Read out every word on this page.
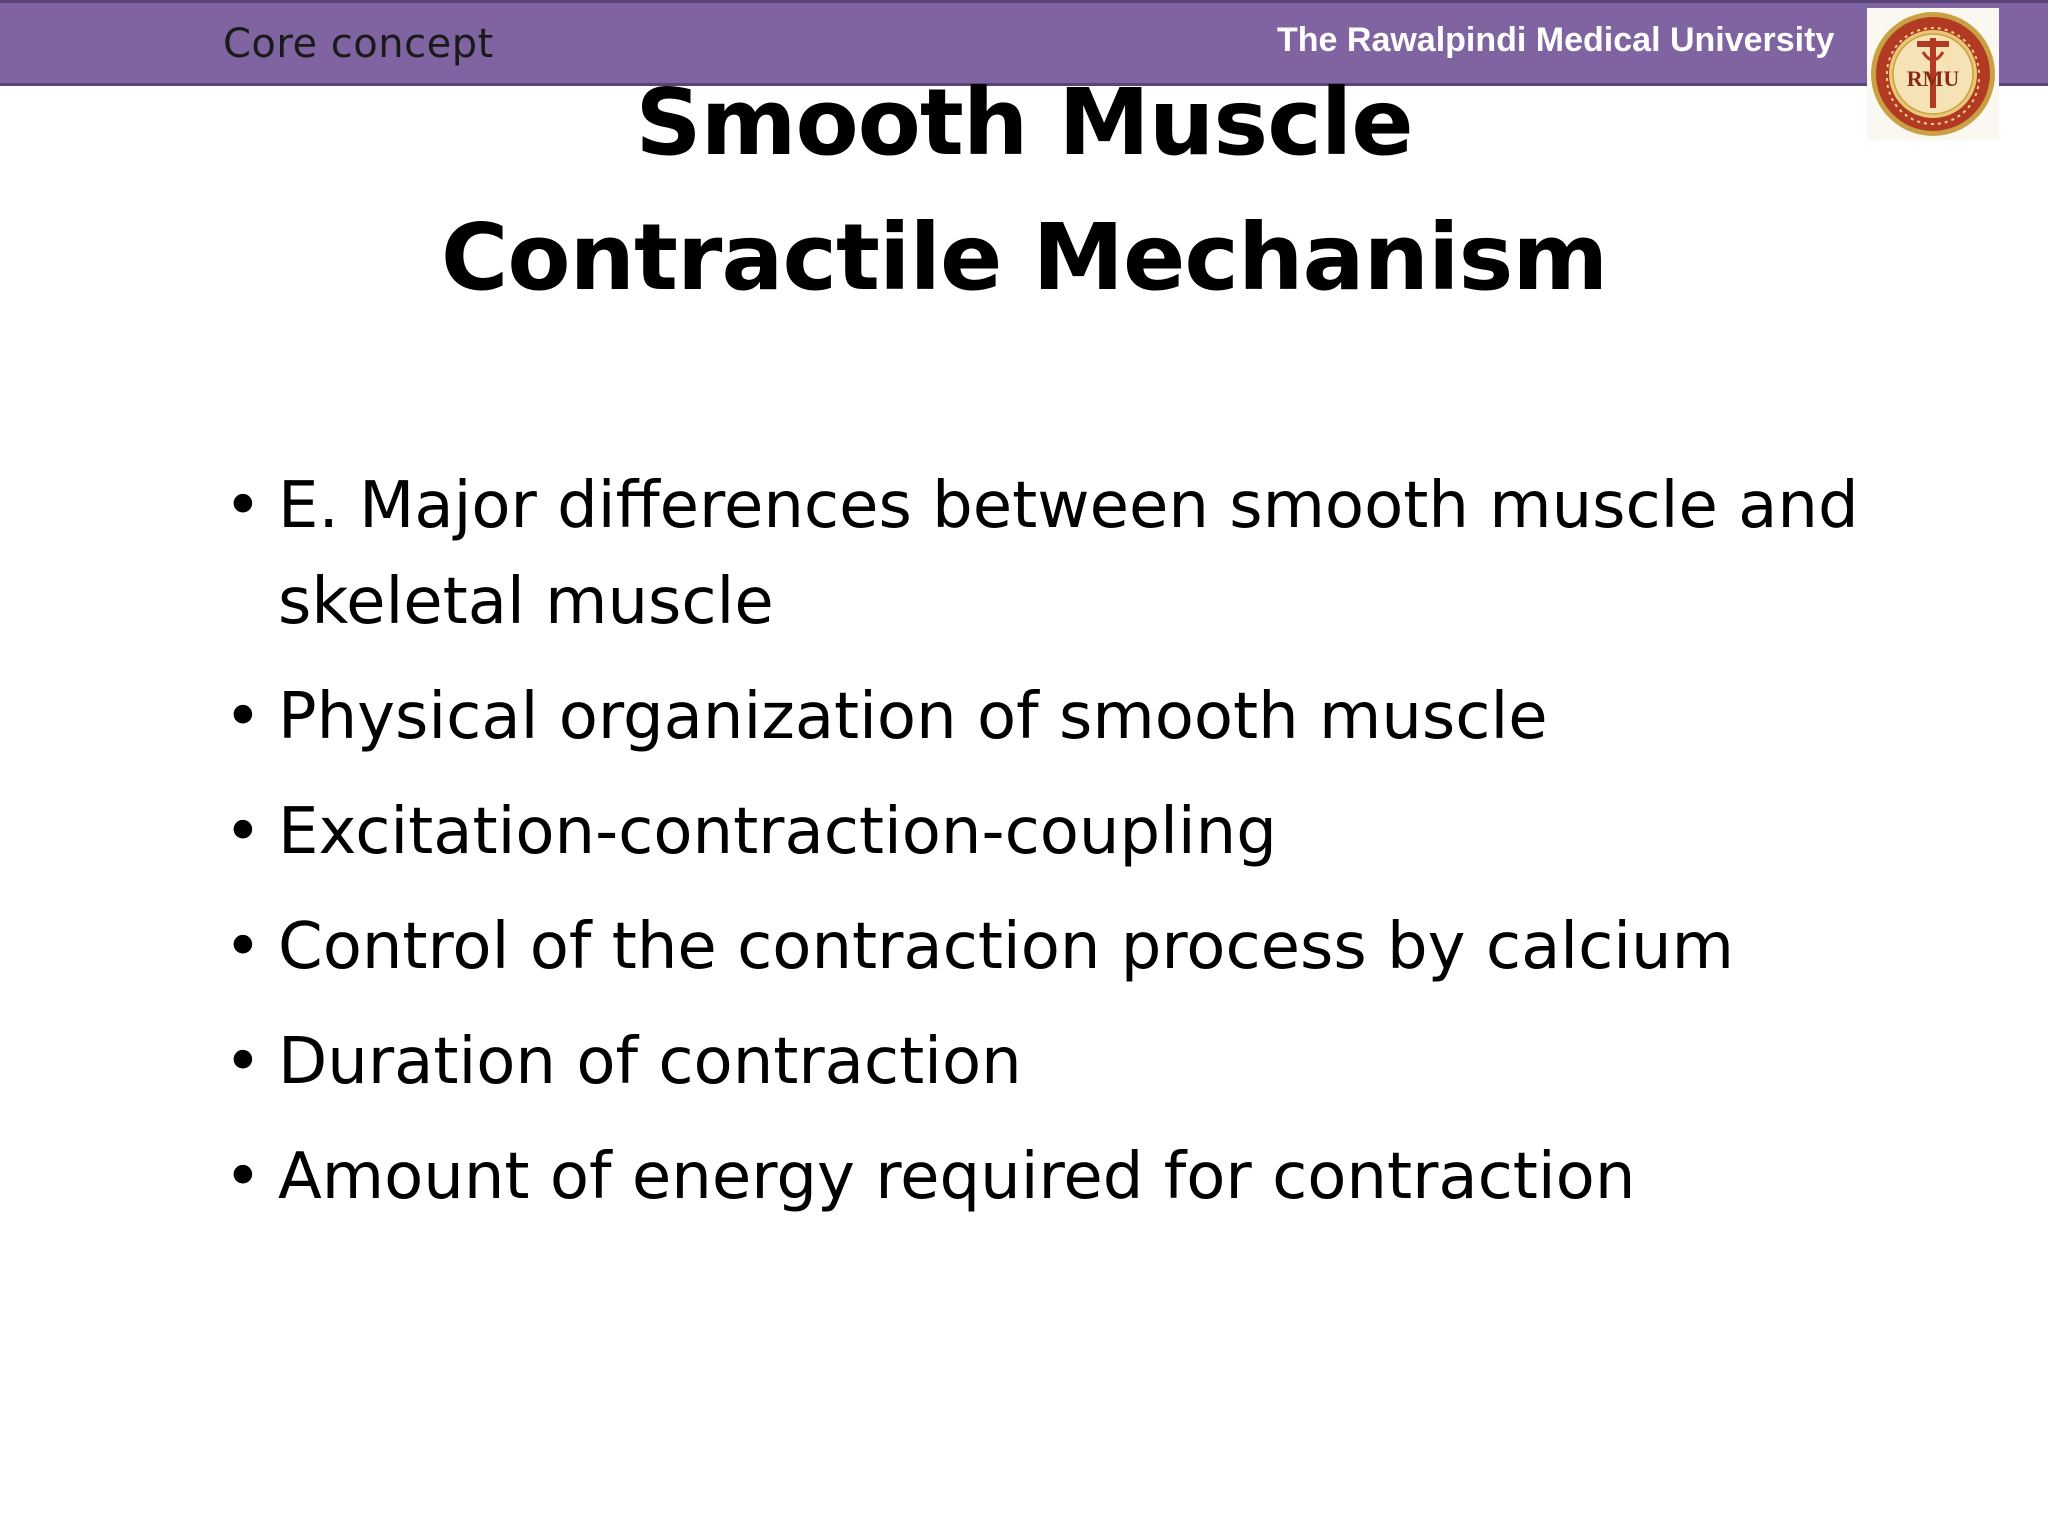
Core concept	The Rawalpindi Medical University
RMU
Smooth Muscle
Contractile Mechanism
• E. Major differences between smooth muscle and skeletal muscle
• Physical organization of smooth muscle
• Excitation-contraction-coupling
• Control of the contraction process by calcium
• Duration of contraction
• Amount of energy required for contraction
